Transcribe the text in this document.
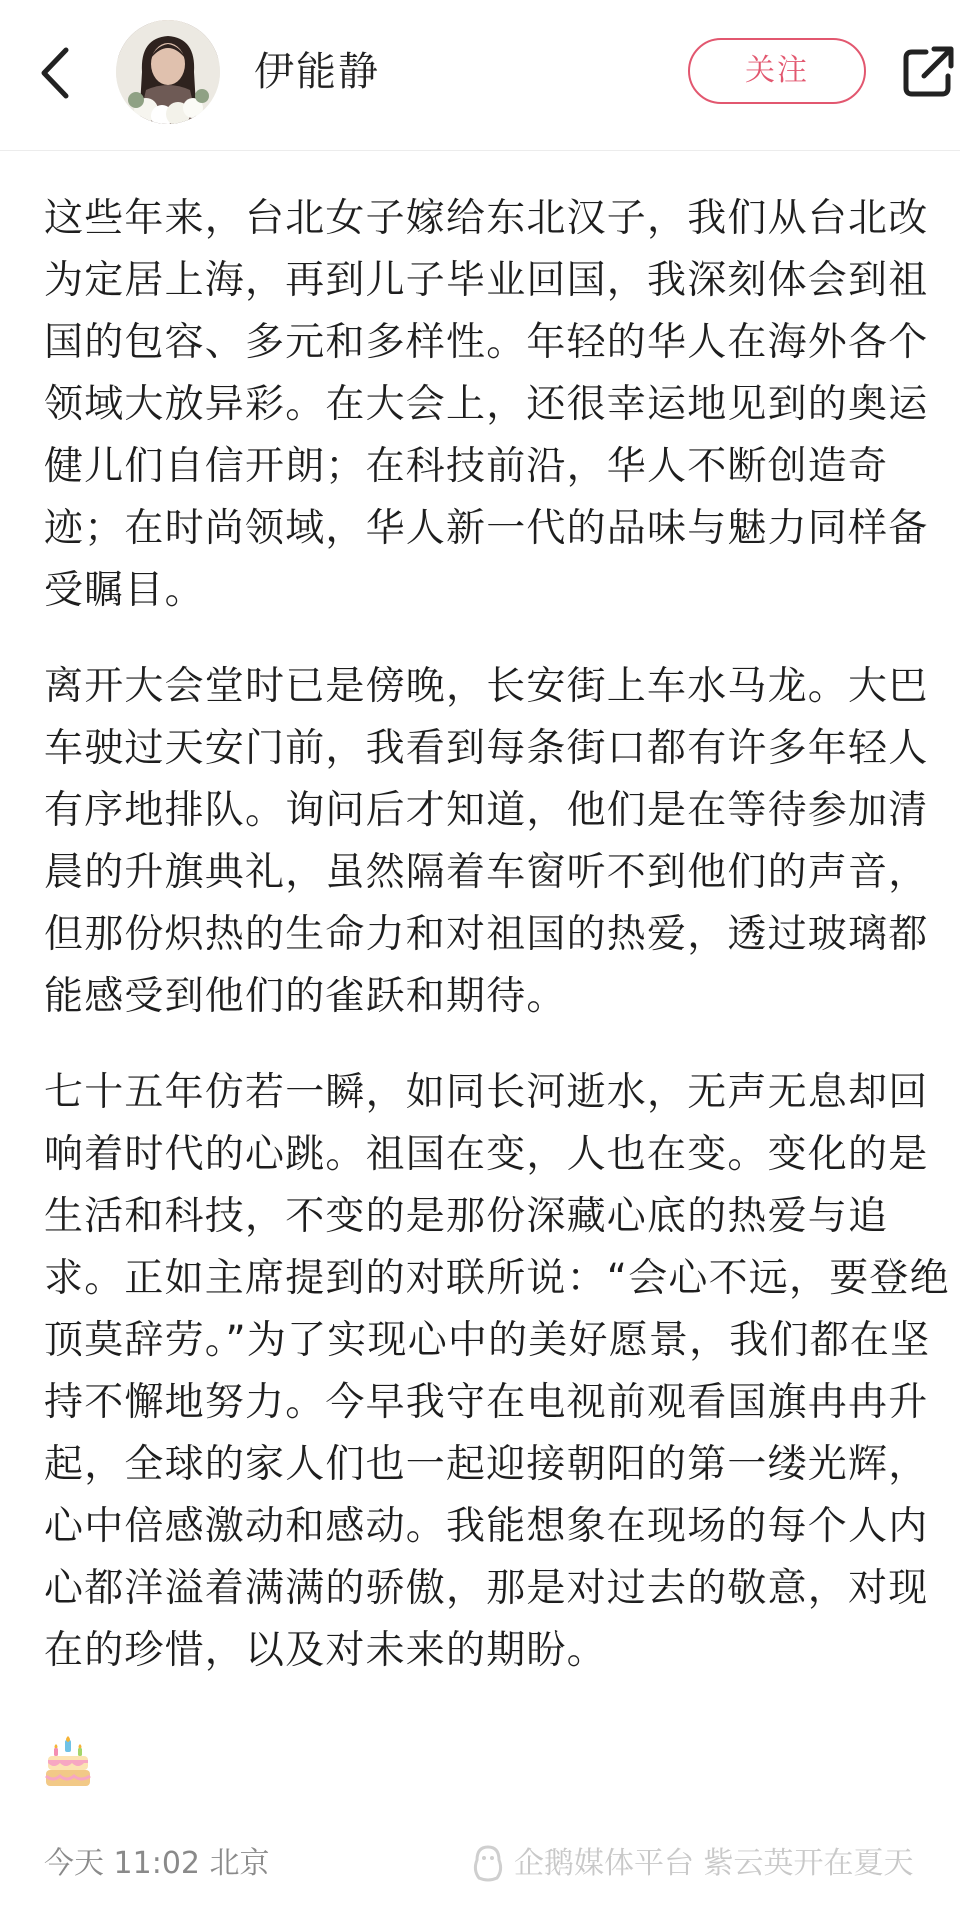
伊能静	关注

这些年来，台北女子嫁给东北汉子，我们从台北改为定居上海，再到儿子毕业回国，我深刻体会到祖国的包容、多元和多样性。年轻的华人在海外各个领域大放异彩。在大会上，还很幸运地见到的奥运健儿们自信开朗；在科技前沿，华人不断创造奇迹；在时尚领域，华人新一代的品味与魅力同样备受瞩目。

离开大会堂时已是傍晚，长安街上车水马龙。大巴车驶过天安门前，我看到每条街口都有许多年轻人有序地排队。询问后才知道，他们是在等待参加清晨的升旗典礼，虽然隔着车窗听不到他们的声音，但那份炽热的生命力和对祖国的热爱，透过玻璃都能感受到他们的雀跃和期待。

七十五年仿若一瞬，如同长河逝水，无声无息却回响着时代的心跳。祖国在变，人也在变。变化的是生活和科技，不变的是那份深藏心底的热爱与追求。正如主席提到的对联所说：“会心不远，要登绝顶莫辞劳。”为了实现心中的美好愿景，我们都在坚持不懈地努力。今早我守在电视前观看国旗冉冉升起，全球的家人们也一起迎接朝阳的第一缕光辉，心中倍感激动和感动。我能想象在现场的每个人内心都洋溢着满满的骄傲，那是对过去的敬意，对现在的珍惜，以及对未来的期盼。

今天 11:02 北京	企鹅媒体平台 紫云英开在夏天
